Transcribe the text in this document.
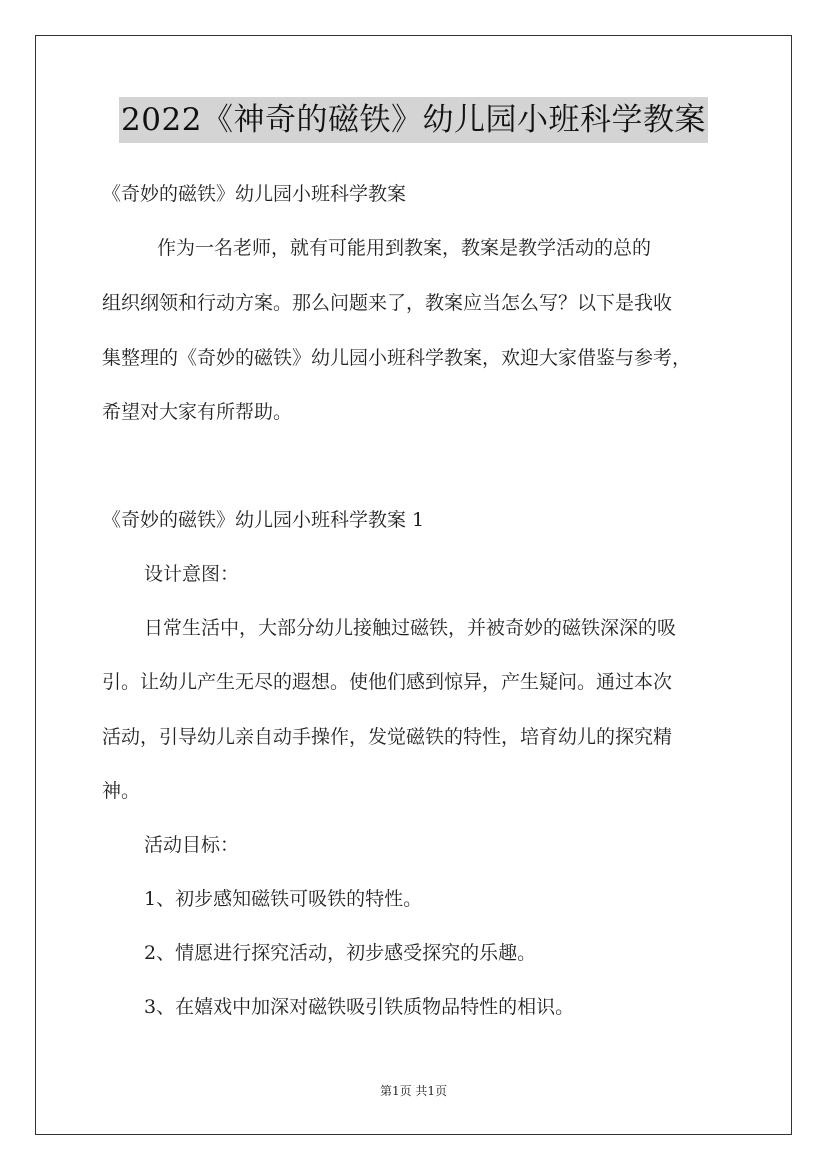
2022《神奇的磁铁》幼儿园小班科学教案
《奇妙的磁铁》幼儿园小班科学教案
作为一名老师，就有可能用到教案，教案是教学活动的总的
组织纲领和行动方案。那么问题来了，教案应当怎么写？以下是我收
集整理的《奇妙的磁铁》幼儿园小班科学教案，欢迎大家借鉴与参考，
希望对大家有所帮助。
《奇妙的磁铁》幼儿园小班科学教案 1
设计意图：
日常生活中，大部分幼儿接触过磁铁，并被奇妙的磁铁深深的吸
引。让幼儿产生无尽的遐想。使他们感到惊异，产生疑问。通过本次
活动，引导幼儿亲自动手操作，发觉磁铁的特性，培育幼儿的探究精
神。
活动目标：
1、初步感知磁铁可吸铁的特性。
2、情愿进行探究活动，初步感受探究的乐趣。
3、在嬉戏中加深对磁铁吸引铁质物品特性的相识。
第1页 共1页
